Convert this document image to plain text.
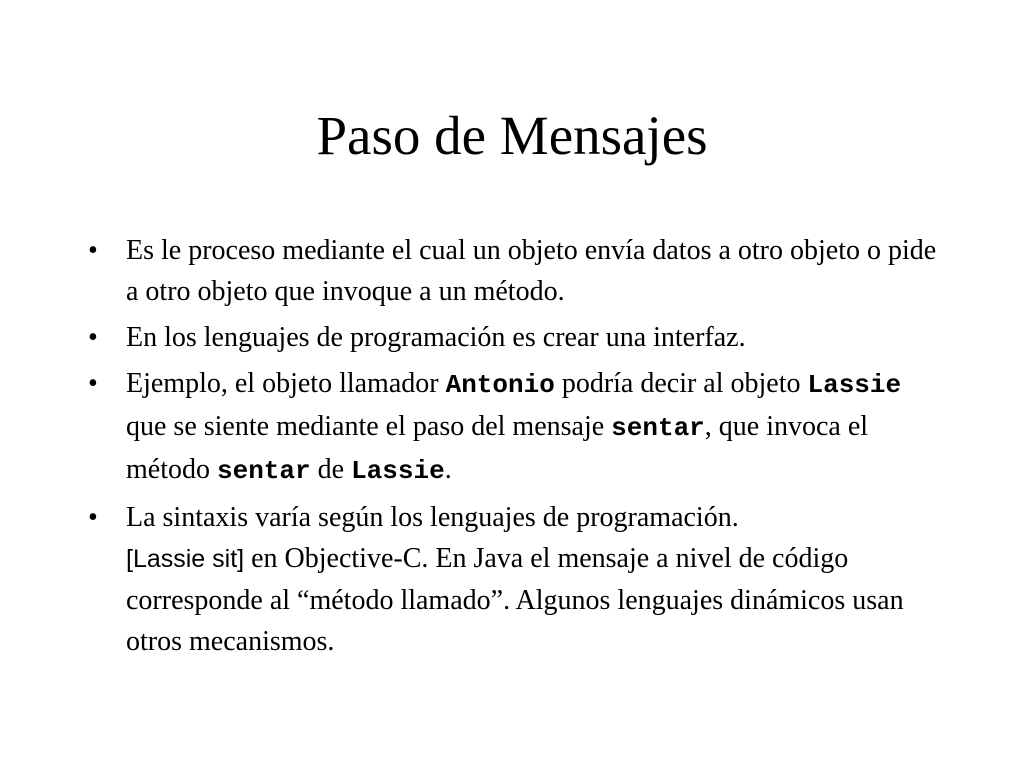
Paso de Mensajes
• Es le proceso mediante el cual un objeto envía datos a otro objeto o pide a otro objeto que invoque a un método.
• En los lenguajes de programación es crear una interfaz.
• Ejemplo, el objeto llamador Antonio podría decir al objeto Lassie que se siente mediante el paso del mensaje sentar, que invoca el método sentar de Lassie.
• La sintaxis varía según los lenguajes de programación.
[Lassie sit] en Objective-C. En Java el mensaje a nivel de código corresponde al “método llamado”. Algunos lenguajes dinámicos usan otros mecanismos.
